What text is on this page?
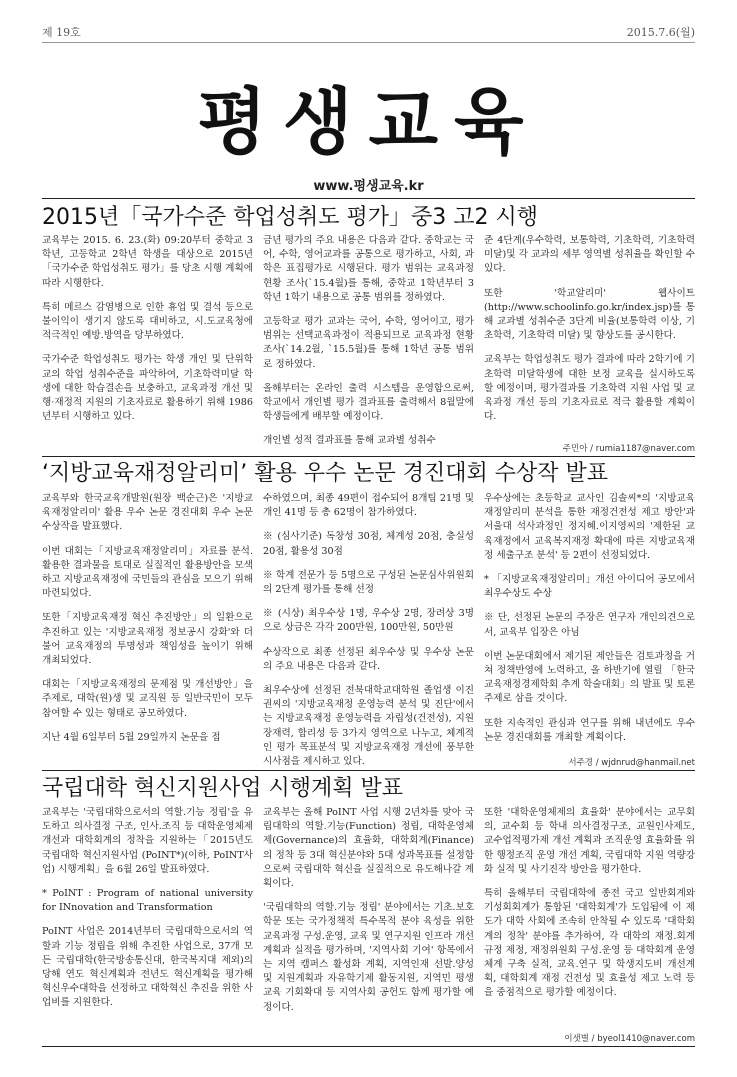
제 19호	2015.7.6(월)
평생교육
www.평생교육.kr
2015년「국가수준 학업성취도 평가」중3 고2 시행

교육부는 2015. 6. 23.(화) 09:20부터 중학교 3학년, 고등학교 2학년 학생을 대상으로 2015년「국가수준 학업성취도 평가」를 당초 시행 계획에 따라 시행한다.

특히 메르스 감염병으로 인한 휴업 및 결석 등으로 불이익이 생기지 않도록 대비하고, 시.도교육청에 적극적인 예방.방역을 당부하였다.

국가수준 학업성취도 평가는 학생 개인 및 단위학교의 학업 성취수준을 파악하여, 기초학력미달 학생에 대한 학습결손을 보충하고, 교육과정 개선 및 행·재정적 지원의 기초자료로 활용하기 위해 1986년부터 시행하고 있다.

금년 평가의 주요 내용은 다음과 같다. 중학교는 국어, 수학, 영어교과를 공통으로 평가하고, 사회, 과학은 표집평가로 시행된다. 평가 범위는 교육과정 현황 조사(`15.4월)를 통해, 중학교 1학년부터 3학년 1학기 내용으로 공통 범위를 정하였다.

고등학교 평가 교과는 국어, 수학, 영어이고, 평가 범위는 선택교육과정이 적용되므로 교육과정 현황 조사(`14.2월, `15.5월)를 통해 1학년 공통 범위로 정하였다.

올해부터는 온라인 출력 시스템을 운영함으로써, 학교에서 개인별 평가 결과표를 출력해서 8월말에 학생들에게 배부할 예정이다.

개인별 성적 결과표를 통해 교과별 성취수

준 4단계(우수학력, 보통학력, 기초학력, 기초학력 미달)및 각 교과의 세부 영역별 성취율을 확인할 수 있다.

또한 '학교알리미' 웹사이트(http://www.schoolinfo.go.kr/index.jsp)를 통해 교과별 성취수준 3단계 비율(보통학력 이상, 기초학력, 기초학력 미달) 및 향상도를 공시한다.

교육부는 학업성취도 평가 결과에 따라 2학기에 기초학력 미달학생에 대한 보정 교육을 실시하도록 할 예정이며, 평가결과를 기초학력 지원 사업 및 교육과정 개선 등의 기초자료로 적극 활용할 계획이다.

주민아 / rumia1187@naver.com
‘지방교육재정알리미’ 활용 우수 논문 경진대회 수상작 발표

교육부와 한국교육개발원(원장 백순근)은 '지방교육재정알리미' 활용 우수 논문 경진대회 우수 논문 수상작을 발표했다.

이번 대회는「지방교육재정알리미」자료를 분석.활용한 결과물을 토대로 실질적인 활용방안을 모색하고 지방교육재정에 국민들의 관심을 모으기 위해 마련되었다.

또한「지방교육재정 혁신 추진방안」의 일환으로 추진하고 있는 '지방교육재정 정보공시 강화'와 더불어 교육재정의 투명성과 책임성을 높이기 위해 개최되었다.

대회는「지방교육재정의 문제점 및 개선방안」을 주제로, 대학(원)생 및 교직원 등 일반국민이 모두 참여할 수 있는 형태로 공모하였다.

지난 4월 6일부터 5월 29일까지 논문을 접

수하였으며, 최종 49편이 접수되어 8개팀 21명 및 개인 41명 등 총 62명이 참가하였다.

※ (심사기준) 독창성 30점, 체계성 20점, 충실성 20점, 활용성 30점

※ 학계 전문가 등 5명으로 구성된 논문심사위원회의 2단계 평가를 통해 선정

※ (시상) 최우수상 1명, 우수상 2명, 장려상 3명으로 상금은 각각 200만원, 100만원, 50만원

수상작으로 최종 선정된 최우수상 및 우수상 논문의 주요 내용은 다음과 같다.

최우수상에 선정된 전북대학교대학원 졸업생 이진권씨의 '지방교육재정 운영능력 분석 및 진단'에서는 지방교육재정 운영능력을 자립성(건전성), 지원 장재력, 합리성 등 3가지 영역으로 나누고, 체계적인 평가 목표분석 및 지방교육재정 개선에 풍부한 시사점을 제시하고 있다.

우수상에는 초등학교 교사인 김솔씨*의 '지방교육재정알리미 분석을 통한 재정건전성 제고 방안'과 서울대 석사과정인 정지혜.이지영씨의 '제한된 교육재정에서 교육복지재정 확대에 따른 지방교육재정 세출구조 분석' 등 2편이 선정되었다.

* 「지방교육재정알리미」개선 아이디어 공모에서 최우수상도 수상

※ 단, 선정된 논문의 주장은 연구자 개인의견으로서, 교육부 입장은 아님

이번 논문대회에서 제기된 제안들은 검토과정을 거쳐 정책반영에 노력하고, 올 하반기에 열릴 「한국교육재정경제학회 추계 학술대회」의 발표 및 토론 주제로 삼을 것이다.

또한 지속적인 관심과 연구를 위해 내년에도 우수 논문 경진대회를 개최할 계획이다.

서주경 / wjdnrud@hanmail.net
국립대학 혁신지원사업 시행계획 발표

교육부는 '국립대학으로서의 역할.기능 정립'을 유도하고 의사결정 구조, 인사.조직 등 대학운영체제 개선과 대학회계의 정착을 지원하는「2015년도 국립대학 혁신지원사업 (PoINT*)(이하, PoINT사업) 시행계획」을 6월 26일 발표하였다.

* PoINT : Program of national university for INnovation and Transformation

PoINT 사업은 2014년부터 국립대학으로서의 역할과 기능 정립을 위해 추진한 사업으로, 37개 모든 국립대학(한국방송통신대, 한국복지대 제외)의 당해 연도 혁신계획과 전년도 혁신계획을 평가해 혁신우수대학을 선정하고 대학혁신 추진을 위한 사업비를 지원한다.

교육부는 올해 PoINT 사업 시행 2년차를 맞아 국립대학의 역할.기능(Function) 정립, 대학운영체제(Governance)의 효율화, 대학회계(Finance)의 정착 등 3대 혁신분야와 5대 성과목표를 설정함으로써 국립대학 혁신을 실질적으로 유도해나갈 계획이다.

'국립대학의 역할.기능 정립' 분야에서는 기초.보호학문 또는 국가정책적 특수목적 분야 육성을 위한 교육과정 구성.운영, 교육 및 연구지원 인프라 개선 계획과 실적을 평가하며, '지역사회 기여' 항목에서는 지역 캠퍼스 활성화 계획, 지역인재 선발.양성 및 지원계획과 자유학기제 활동지원, 지역민 평생교육 기회확대 등 지역사회 공헌도 함께 평가할 예정이다.

또한 '대학운영체제의 효율화' 분야에서는 교무회의, 교수회 등 학내 의사결정구조, 교원인사제도, 교수업적평가제 개선 계획과 조직운영 효율화를 위한 행정조직 운영 개선 계획, 국립대학 지원 역량강화 실적 및 사기진작 방안을 평가한다.

특히 올해부터 국립대학에 종전 국고 일반회계와 기성회회계가 통합된 '대학회계'가 도입됨에 이 제도가 대학 사회에 조속히 안착될 수 있도록 '대학회계의 정착' 분야를 추가하여, 각 대학의 재정.회계규정 제정, 재정위원회 구성.운영 등 대학회계 운영체계 구축 실적, 교육.연구 및 학생지도비 개선계획, 대학회계 재정 건전성 및 효율성 제고 노력 등을 중점적으로 평가할 예정이다.

이샛별 / byeol1410@naver.com
